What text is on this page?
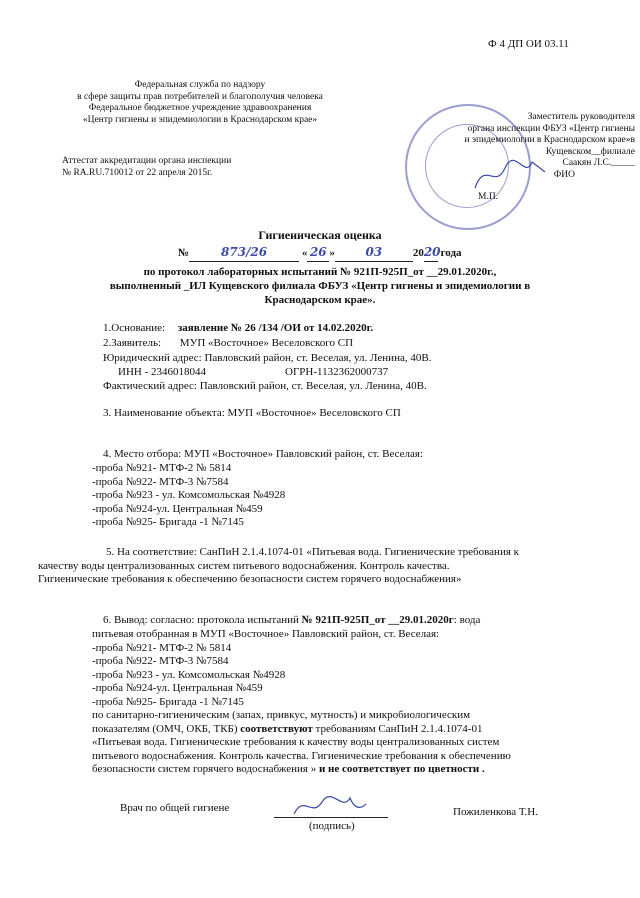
Ф 4 ДП ОИ 03.11
Федеральная служба по надзору
в сфере защиты прав потребителей и благополучия человека
Федеральное бюджетное учреждение здравоохранения
«Центр гигиены и эпидемиологии в Краснодарском крае»
Аттестат аккредитации органа инспекции
№ RA.RU.710012 от 22 апреля 2015г.
Заместитель руководителя
органа инспекции ФБУЗ «Центр гигиены
и эпидемиологии в Краснодарском крае»в
Кущевском__филиале
Саакян Л.С._____
ФИО
М.П.
Гигиеническая оценка
№	873/26	« 26 »	03	2020 года
по протокол лабораторных испытаний № 921П-925П_от __29.01.2020г.,
выполненный _ИЛ Кущевского филиала ФБУЗ «Центр гигиены и эпидемиологии в
Краснодарском крае».
1.Основание: заявление № 26 /134 /ОИ от 14.02.2020г.
2.Заявитель: МУП «Восточное» Веселовского СП
Юридический адрес: Павловский район, ст. Веселая, ул. Ленина, 40В.
ИНН - 2346018044	ОГРН-1132362000737
Фактический адрес: Павловский район, ст. Веселая, ул. Ленина, 40В.
3. Наименование объекта: МУП «Восточное» Веселовского СП
4. Место отбора: МУП «Восточное» Павловский район, ст. Веселая:
-проба №921- МТФ-2 № 5814
-проба №922- МТФ-3 №7584
-проба №923 - ул. Комсомольская №4928
-проба №924-ул. Центральная №459
-проба №925- Бригада -1 №7145
5. На соответствие: СанПиН 2.1.4.1074-01 «Питьевая вода. Гигиенические требования к
качеству воды централизованных систем питьевого водоснабжения. Контроль качества.
Гигиенические требования к обеспечению безопасности систем горячего водоснабжения»
6. Вывод: согласно: протокола испытаний № 921П-925П_от __29.01.2020г: вода
питьевая отобранная в МУП «Восточное» Павловский район, ст. Веселая:
-проба №921- МТФ-2 № 5814
-проба №922- МТФ-3 №7584
-проба №923 - ул. Комсомольская №4928
-проба №924-ул. Центральная №459
-проба №925- Бригада -1 №7145
по санитарно-гигиеническим (запах, привкус, мутность) и микробиологическим
показателям (ОМЧ, ОКБ, ТКБ) соответствуют требованиям СанПиН 2.1.4.1074-01
«Питьевая вода. Гигиенические требования к качеству воды централизованных систем
питьевого водоснабжения. Контроль качества. Гигиенические требования к обеспечению
безопасности систем горячего водоснабжения » и не соответствует по цветности .
Врач по общей гигиене
(подпись)
Пожиленкова Т.Н.
